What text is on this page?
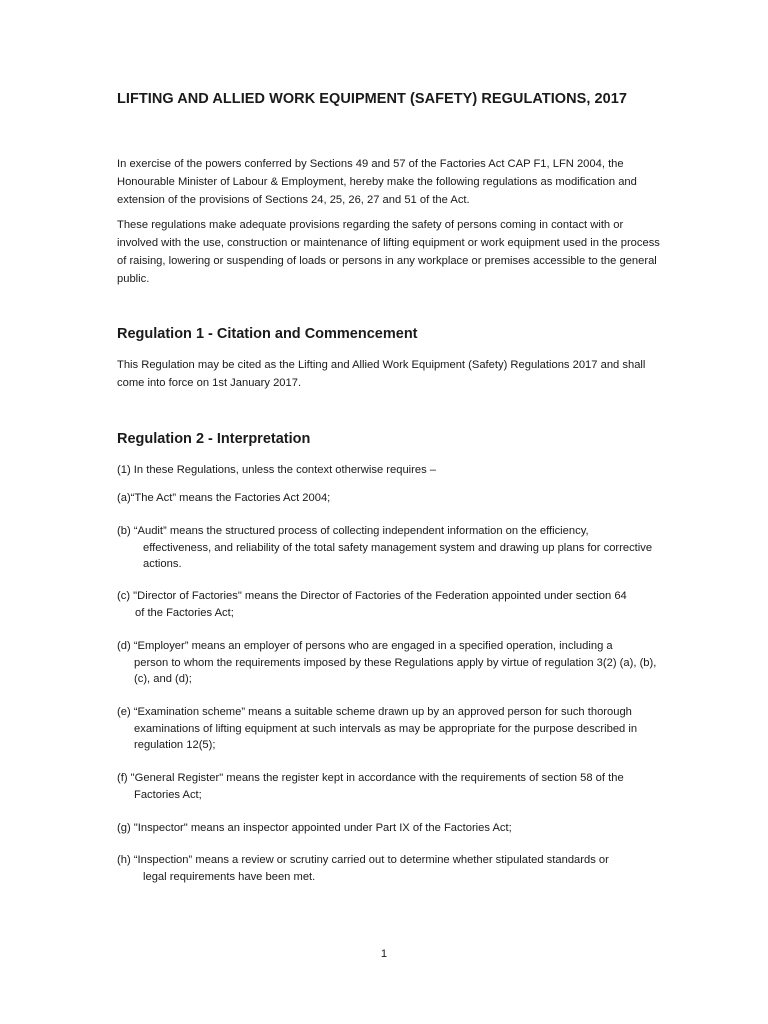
LIFTING AND ALLIED WORK EQUIPMENT (SAFETY) REGULATIONS, 2017

In exercise of the powers conferred by Sections 49 and 57 of the Factories Act CAP F1, LFN 2004, the Honourable Minister of Labour & Employment, hereby make the following regulations as modification and extension of the provisions of Sections 24, 25, 26, 27 and 51 of the Act.

These regulations make adequate provisions regarding the safety of persons coming in contact with or involved with the use, construction or maintenance of lifting equipment or work equipment used in the process of raising, lowering or suspending of loads or persons in any workplace or premises accessible to the general public.

Regulation 1 - Citation and Commencement

This Regulation may be cited as the Lifting and Allied Work Equipment (Safety) Regulations 2017 and shall come into force on 1st January 2017.

Regulation 2 - Interpretation

(1) In these Regulations, unless the context otherwise requires –

(a)“The Act” means the Factories Act 2004;
(b) “Audit” means the structured process of collecting independent information on the efficiency,
effectiveness, and reliability of the total safety management system and drawing up plans for corrective actions.
(c) "Director of Factories" means the Director of Factories of the Federation appointed under section 64
of the Factories Act;
(d) “Employer” means an employer of persons who are engaged in a specified operation, including a
person to whom the requirements imposed by these Regulations apply by virtue of regulation 3(2) (a), (b), (c), and (d);
(e) “Examination scheme” means a suitable scheme drawn up by an approved person for such thorough
examinations of lifting equipment at such intervals as may be appropriate for the purpose described in regulation 12(5);
(f) "General Register" means the register kept in accordance with the requirements of section 58 of the
Factories Act;
(g) "Inspector" means an inspector appointed under Part IX of the Factories Act;
(h) “Inspection” means a review or scrutiny carried out to determine whether stipulated standards or
legal requirements have been met.

1
